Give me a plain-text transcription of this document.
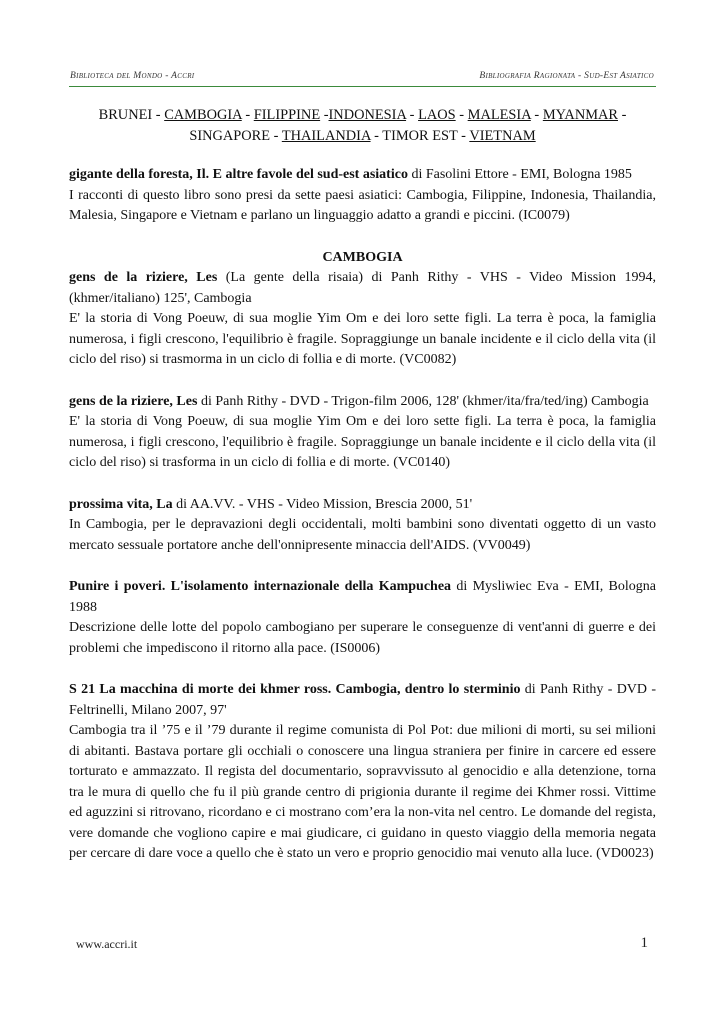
Biblioteca del Mondo - Accri	Bibliografia Ragionata - Sud-Est Asiatico
BRUNEI - CAMBOGIA - FILIPPINE -INDONESIA - LAOS - MALESIA - MYANMAR -
SINGAPORE - THAILANDIA - TIMOR EST - VIETNAM

gigante della foresta, Il. E altre favole del sud-est asiatico di Fasolini Ettore - EMI, Bologna 1985

I racconti di questo libro sono presi da sette paesi asiatici: Cambogia, Filippine, Indonesia, Thailandia, Malesia, Singapore e Vietnam e parlano un linguaggio adatto a grandi e piccini. (IC0079)

CAMBOGIA

gens de la riziere, Les (La gente della risaia) di Panh Rithy - VHS - Video Mission 1994, (khmer/italiano) 125', Cambogia

E' la storia di Vong Poeuw, di sua moglie Yim Om e dei loro sette figli. La terra è poca, la famiglia numerosa, i figli crescono, l'equilibrio è fragile. Sopraggiunge un banale incidente e il ciclo della vita (il ciclo del riso) si trasmorma in un ciclo di follia e di morte. (VC0082)

gens de la riziere, Les di Panh Rithy - DVD - Trigon-film 2006, 128' (khmer/ita/fra/ted/ing) Cambogia

E' la storia di Vong Poeuw, di sua moglie Yim Om e dei loro sette figli. La terra è poca, la famiglia numerosa, i figli crescono, l'equilibrio è fragile. Sopraggiunge un banale incidente e il ciclo della vita (il ciclo del riso) si trasforma in un ciclo di follia e di morte. (VC0140)

prossima vita, La di AA.VV. - VHS - Video Mission, Brescia 2000, 51'

In Cambogia, per le depravazioni degli occidentali, molti bambini sono diventati oggetto di un vasto mercato sessuale portatore anche dell'onnipresente minaccia dell'AIDS. (VV0049)

Punire i poveri. L'isolamento internazionale della Kampuchea di Mysliwiec Eva - EMI, Bologna 1988

Descrizione delle lotte del popolo cambogiano per superare le conseguenze di vent'anni di guerre e dei problemi che impediscono il ritorno alla pace. (IS0006)

S 21 La macchina di morte dei khmer ross. Cambogia, dentro lo sterminio di Panh Rithy - DVD - Feltrinelli, Milano 2007, 97'

Cambogia tra il ’75 e il ’79 durante il regime comunista di Pol Pot: due milioni di morti, su sei milioni di abitanti. Bastava portare gli occhiali o conoscere una lingua straniera per finire in carcere ed essere torturato e ammazzato. Il regista del documentario, sopravvissuto al genocidio e alla detenzione, torna tra le mura di quello che fu il più grande centro di prigionia durante il regime dei Khmer rossi. Vittime ed aguzzini si ritrovano, ricordano e ci mostrano com’era la non-vita nel centro. Le domande del regista, vere domande che vogliono capire e mai giudicare, ci guidano in questo viaggio della memoria negata per cercare di dare voce a quello che è stato un vero e proprio genocidio mai venuto alla luce. (VD0023)

www.accri.it	1
